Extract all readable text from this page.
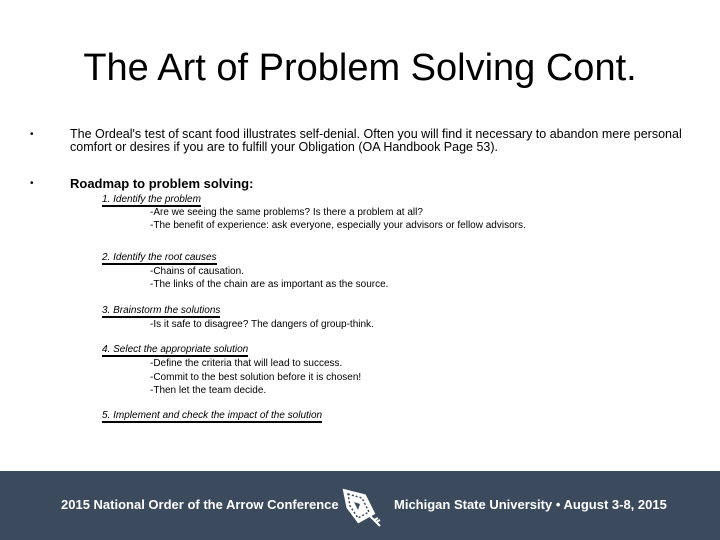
The Art of Problem Solving Cont.
•	The Ordeal's test of scant food illustrates self-denial. Often you will find it necessary to abandon mere personal comfort or desires if you are to fulfill your Obligation (OA Handbook Page 53).
•	Roadmap to problem solving:
1. Identify the problem
-Are we seeing the same problems? Is there a problem at all?
-The benefit of experience: ask everyone, especially your advisors or fellow advisors.
2. Identify the root causes
-Chains of causation.
-The links of the chain are as important as the source.
3. Brainstorm the solutions
-Is it safe to disagree? The dangers of group-think.
4. Select the appropriate solution
-Define the criteria that will lead to success.
-Commit to the best solution before it is chosen!
-Then let the team decide.
5. Implement and check the impact of the solution
2015 National Order of the Arrow Conference	Michigan State University • August 3-8, 2015
